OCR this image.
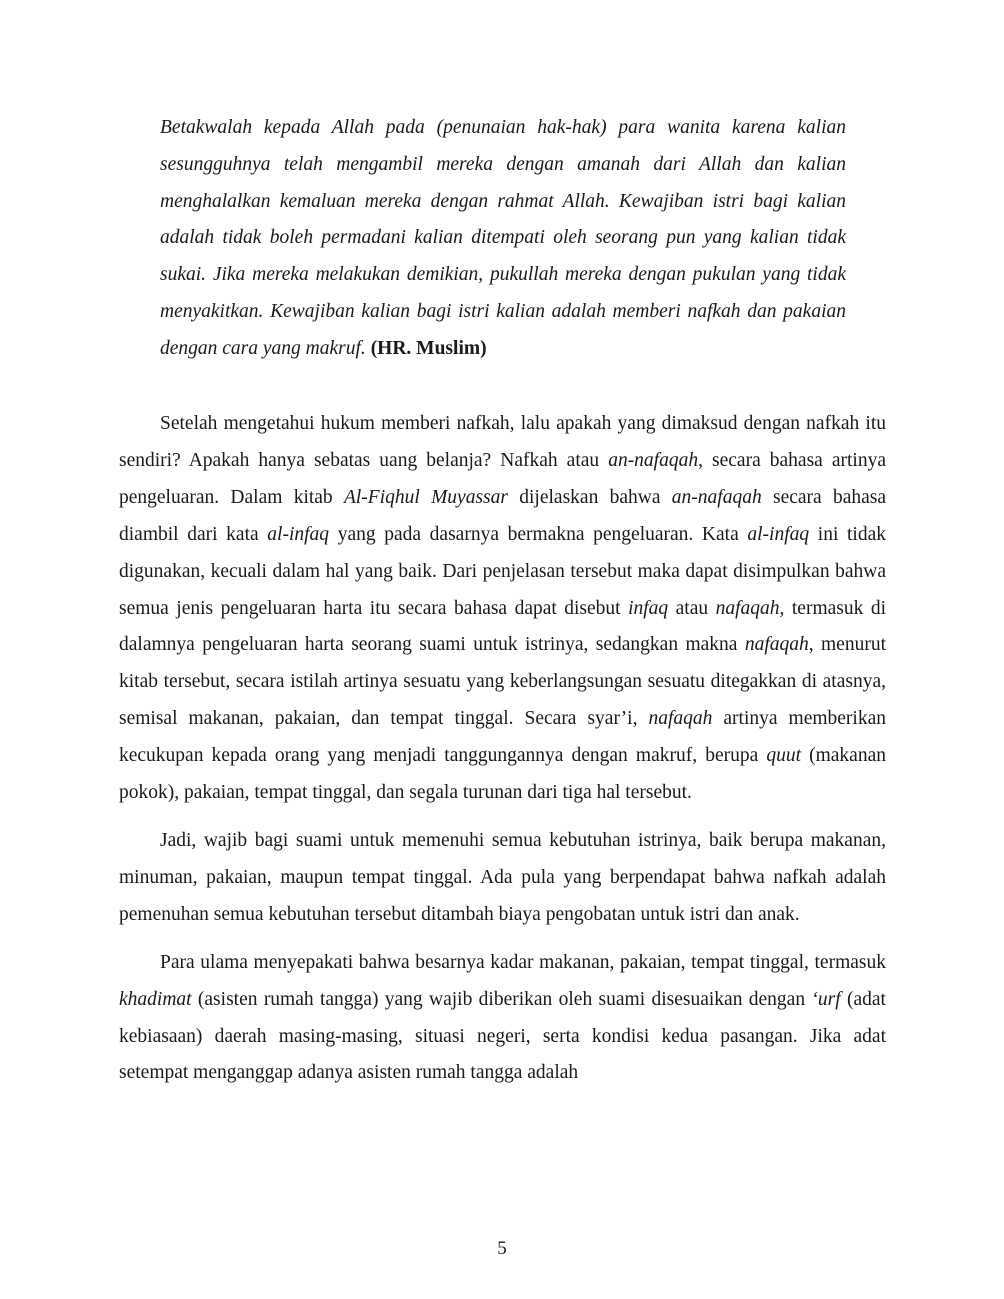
Betakwalah kepada Allah pada (penunaian hak-hak) para wanita karena kalian sesungguhnya telah mengambil mereka dengan amanah dari Allah dan kalian menghalalkan kemaluan mereka dengan rahmat Allah. Kewajiban istri bagi kalian adalah tidak boleh permadani kalian ditempati oleh seorang pun yang kalian tidak sukai. Jika mereka melakukan demikian, pukullah mereka dengan pukulan yang tidak menyakitkan. Kewajiban kalian bagi istri kalian adalah memberi nafkah dan pakaian dengan cara yang makruf. (HR. Muslim)

Setelah mengetahui hukum memberi nafkah, lalu apakah yang dimaksud dengan nafkah itu sendiri? Apakah hanya sebatas uang belanja? Nafkah atau an-nafaqah, secara bahasa artinya pengeluaran. Dalam kitab Al-Fiqhul Muyassar dijelaskan bahwa an-nafaqah secara bahasa diambil dari kata al-infaq yang pada dasarnya bermakna pengeluaran. Kata al-infaq ini tidak digunakan, kecuali dalam hal yang baik. Dari penjelasan tersebut maka dapat disimpulkan bahwa semua jenis pengeluaran harta itu secara bahasa dapat disebut infaq atau nafaqah, termasuk di dalamnya pengeluaran harta seorang suami untuk istrinya, sedangkan makna nafaqah, menurut kitab tersebut, secara istilah artinya sesuatu yang keberlangsungan sesuatu ditegakkan di atasnya, semisal makanan, pakaian, dan tempat tinggal. Secara syar’i, nafaqah artinya memberikan kecukupan kepada orang yang menjadi tanggungannya dengan makruf, berupa quut (makanan pokok), pakaian, tempat tinggal, dan segala turunan dari tiga hal tersebut.

Jadi, wajib bagi suami untuk memenuhi semua kebutuhan istrinya, baik berupa makanan, minuman, pakaian, maupun tempat tinggal. Ada pula yang berpendapat bahwa nafkah adalah pemenuhan semua kebutuhan tersebut ditambah biaya pengobatan untuk istri dan anak.

Para ulama menyepakati bahwa besarnya kadar makanan, pakaian, tempat tinggal, termasuk khadimat (asisten rumah tangga) yang wajib diberikan oleh suami disesuaikan dengan ‘urf (adat kebiasaan) daerah masing-masing, situasi negeri, serta kondisi kedua pasangan. Jika adat setempat menganggap adanya asisten rumah tangga adalah

5
